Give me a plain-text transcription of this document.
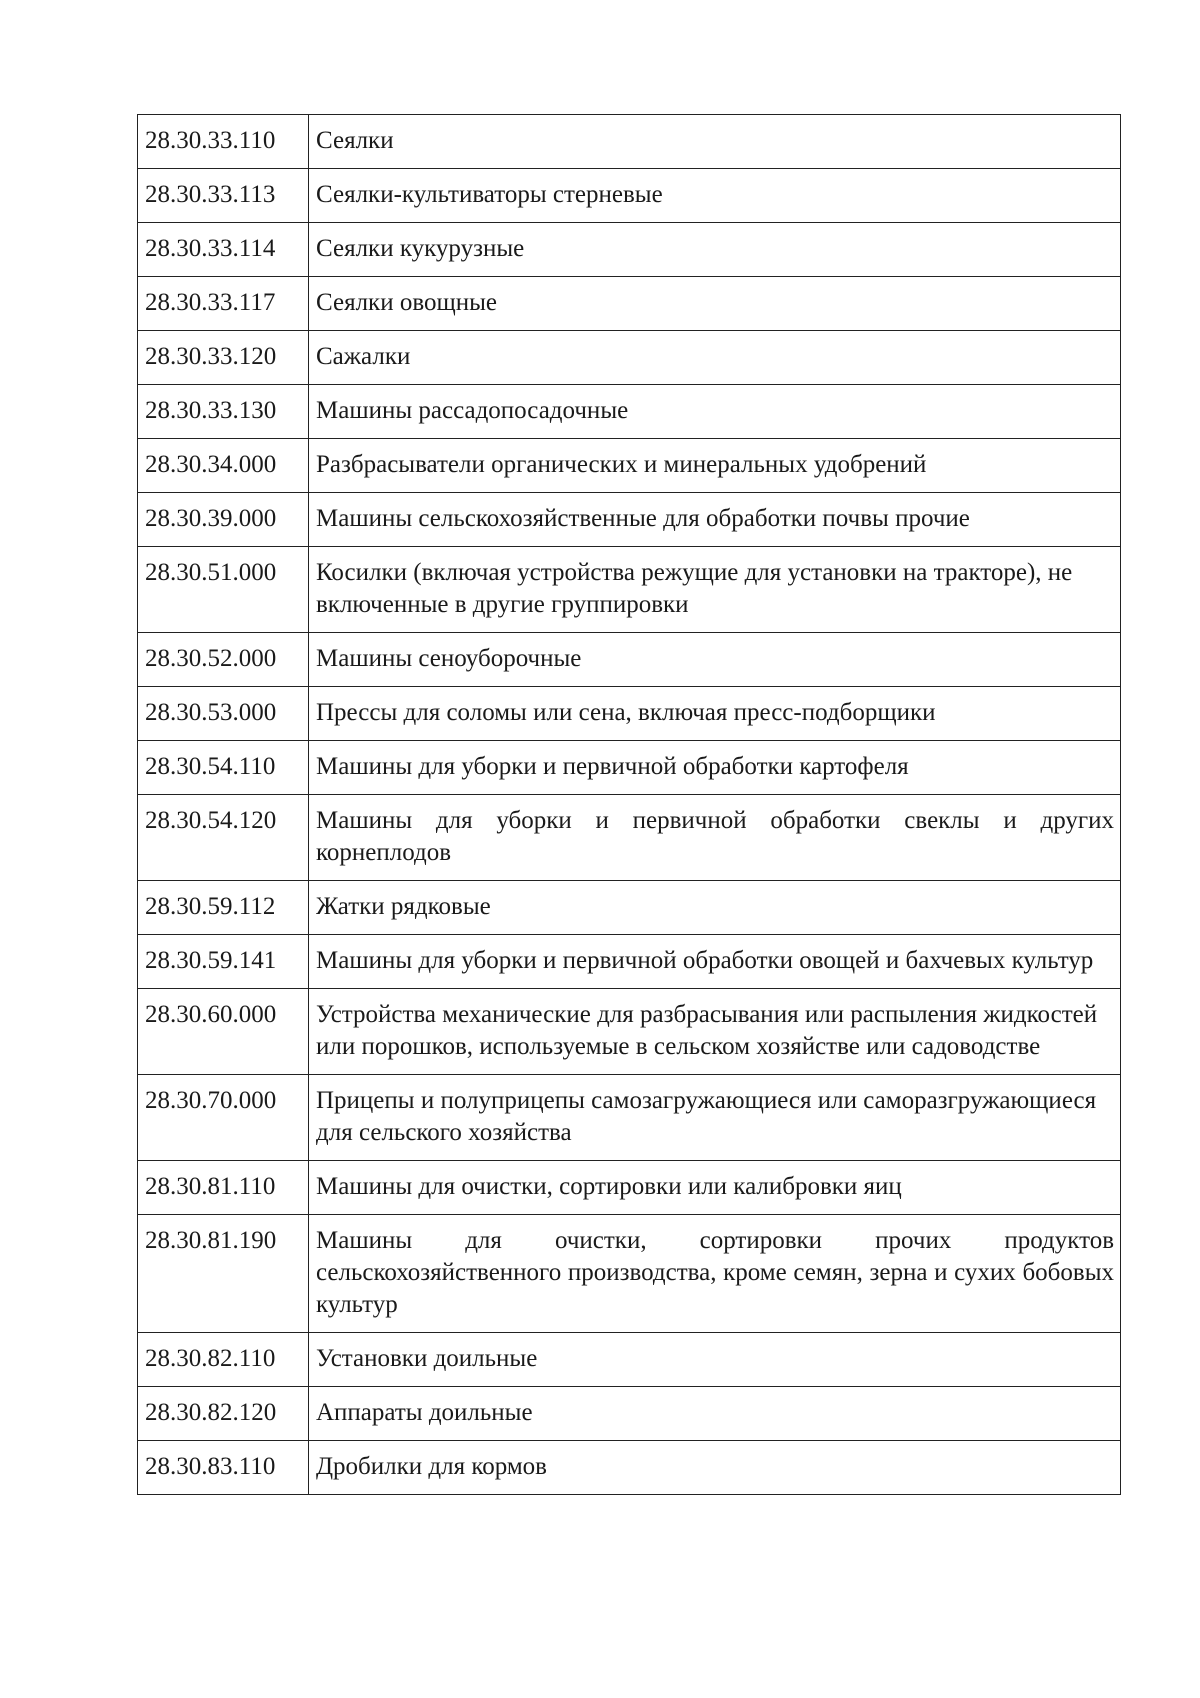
28.30.33.110	Сеялки
28.30.33.113	Сеялки-культиваторы стерневые
28.30.33.114	Сеялки кукурузные
28.30.33.117	Сеялки овощные
28.30.33.120	Сажалки
28.30.33.130	Машины рассадопосадочные
28.30.34.000	Разбрасыватели органических и минеральных удобрений
28.30.39.000	Машины сельскохозяйственные для обработки почвы прочие
28.30.51.000	Косилки (включая устройства режущие для установки на тракторе), не включенные в другие группировки
28.30.52.000	Машины сеноуборочные
28.30.53.000	Прессы для соломы или сена, включая пресс-подборщики
28.30.54.110	Машины для уборки и первичной обработки картофеля
28.30.54.120	Машины для уборки и первичной обработки свеклы и других корнеплодов
28.30.59.112	Жатки рядковые
28.30.59.141	Машины для уборки и первичной обработки овощей и бахчевых культур
28.30.60.000	Устройства механические для разбрасывания или распыления жидкостей или порошков, используемые в сельском хозяйстве или садоводстве
28.30.70.000	Прицепы и полуприцепы самозагружающиеся или саморазгружающиеся для сельского хозяйства
28.30.81.110	Машины для очистки, сортировки или калибровки яиц
28.30.81.190	Машины для очистки, сортировки прочих продуктов сельскохозяйственного производства, кроме семян, зерна и сухих бобовых культур
28.30.82.110	Установки доильные
28.30.82.120	Аппараты доильные
28.30.83.110	Дробилки для кормов
